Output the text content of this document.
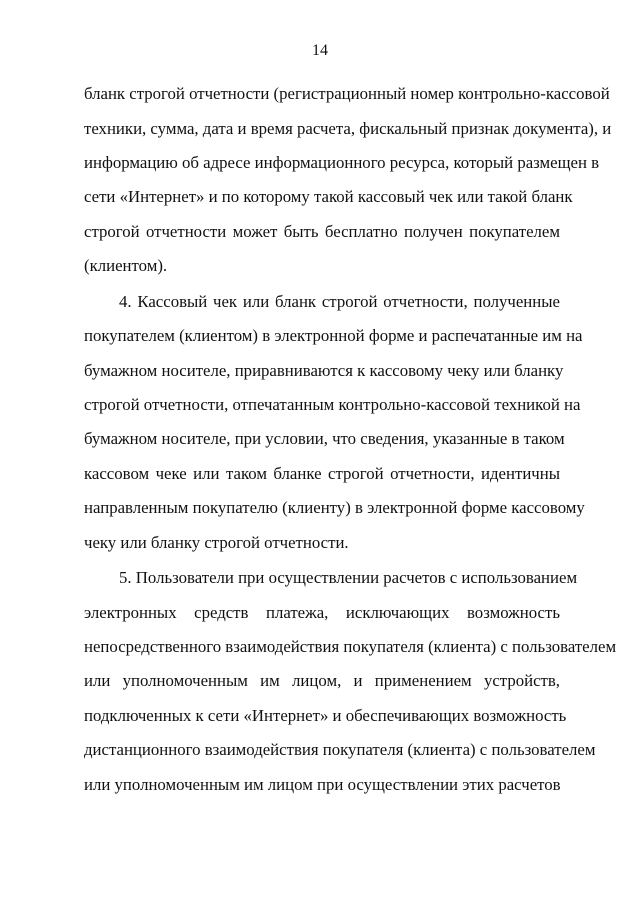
14
бланк строгой отчетности (регистрационный номер контрольно-кассовой
техники, сумма, дата и время расчета, фискальный признак документа), и
информацию об адресе информационного ресурса, который размещен в
сети «Интернет» и по которому такой кассовый чек или такой бланк
строгой отчетности может быть бесплатно получен покупателем
(клиентом).
4. Кассовый чек или бланк строгой отчетности, полученные
покупателем (клиентом) в электронной форме и распечатанные им на
бумажном носителе, приравниваются к кассовому чеку или бланку
строгой отчетности, отпечатанным контрольно-кассовой техникой на
бумажном носителе, при условии, что сведения, указанные в таком
кассовом чеке или таком бланке строгой отчетности, идентичны
направленным покупателю (клиенту) в электронной форме кассовому
чеку или бланку строгой отчетности.
5. Пользователи при осуществлении расчетов с использованием
электронных средств платежа, исключающих возможность
непосредственного взаимодействия покупателя (клиента) с пользователем
или уполномоченным им лицом, и применением устройств,
подключенных к сети «Интернет» и обеспечивающих возможность
дистанционного взаимодействия покупателя (клиента) с пользователем
или уполномоченным им лицом при осуществлении этих расчетов
